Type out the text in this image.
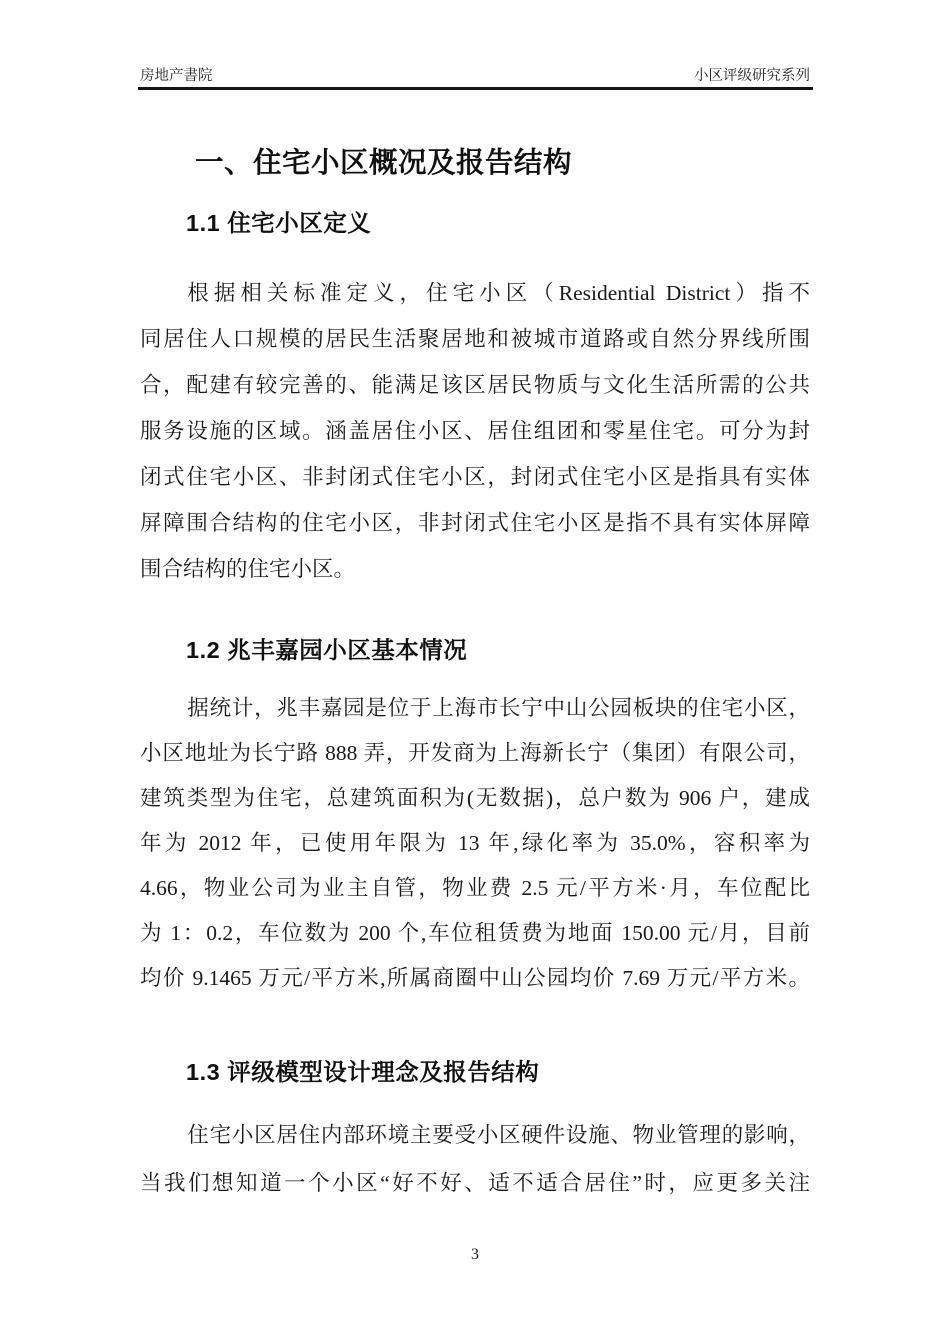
房地产書院	小区评级研究系列
一、住宅小区概况及报告结构
1.1 住宅小区定义
根据相关标准定义，住宅小区（Residential District）指不
同居住人口规模的居民生活聚居地和被城市道路或自然分界线所围
合，配建有较完善的、能满足该区居民物质与文化生活所需的公共
服务设施的区域。涵盖居住小区、居住组团和零星住宅。可分为封
闭式住宅小区、非封闭式住宅小区，封闭式住宅小区是指具有实体
屏障围合结构的住宅小区，非封闭式住宅小区是指不具有实体屏障
围合结构的住宅小区。
1.2 兆丰嘉园小区基本情况
据统计，兆丰嘉园是位于上海市长宁中山公园板块的住宅小区，
小区地址为长宁路 888 弄，开发商为上海新长宁（集团）有限公司，
建筑类型为住宅，总建筑面积为(无数据)，总户数为 906 户，建成
年为 2012 年，已使用年限为 13 年,绿化率为 35.0%，容积率为
4.66，物业公司为业主自管，物业费 2.5 元/平方米·月，车位配比
为 1：0.2，车位数为 200 个,车位租赁费为地面 150.00 元/月，目前
均价 9.1465 万元/平方米,所属商圈中山公园均价 7.69 万元/平方米。
1.3 评级模型设计理念及报告结构
住宅小区居住内部环境主要受小区硬件设施、物业管理的影响，
当我们想知道一个小区“好不好、适不适合居住”时，应更多关注
3
